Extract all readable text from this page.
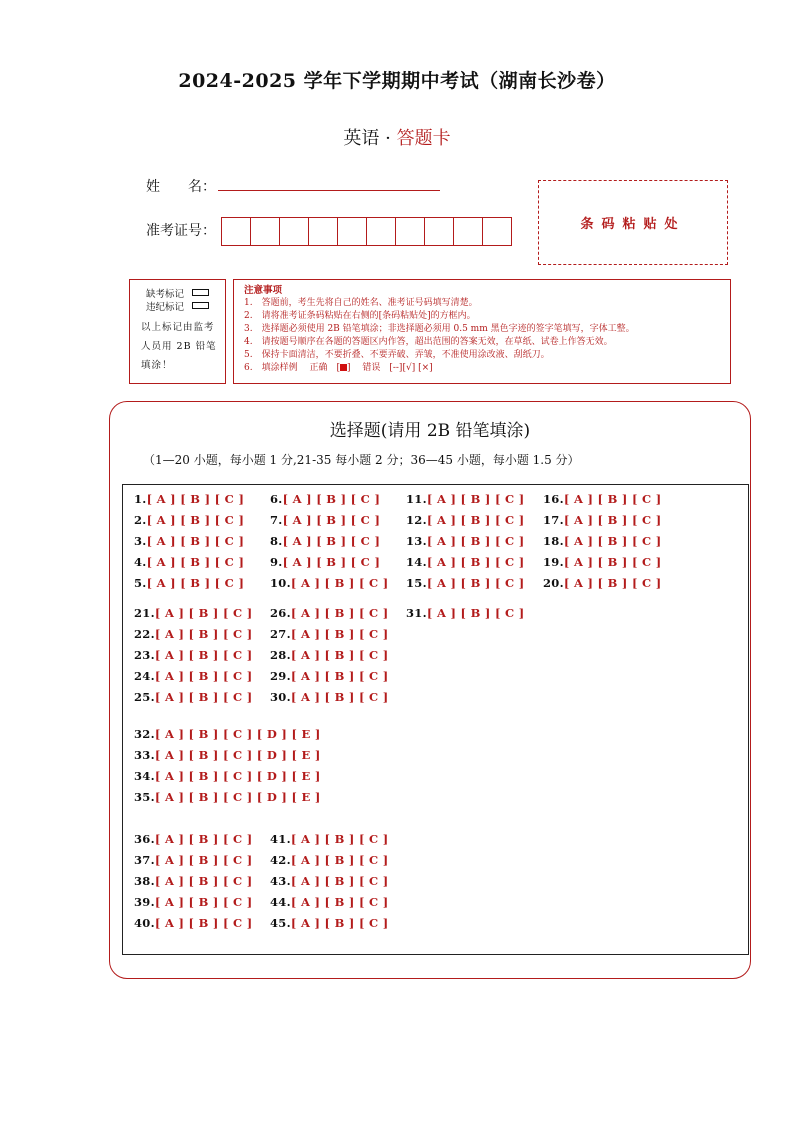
2024-2025 学年下学期期中考试（湖南长沙卷）
英语 · 答题卡
姓　　名：
准考证号：	条码粘贴处
缺考标记
违纪标记
以上标记由监考人员用 2B 铅笔填涂！
注意事项
1.　答题前，考生先将自己的姓名、准考证号码填写清楚。
2.　请将准考证条码粘贴在右侧的[条码粘贴处]的方框内。
3.　选择题必须使用 2B 铅笔填涂；非选择题必须用 0.5 mm 黑色字迹的签字笔填写，字体工整。
4.　请按题号顺序在各题的答题区内作答，超出范围的答案无效，在草纸、试卷上作答无效。
5.　保持卡面清洁，不要折叠、不要弄破、弄皱，不准使用涂改液、刮纸刀。
6.　填涂样例　 正确　[ ]　 错误　[--][√] [×]
选择题(请用 2B 铅笔填涂)
（1—20 小题，每小题 1 分,21-35 每小题 2 分；36—45 小题，每小题 1.5 分）
1.[ A ] [ B ] [ C ]
2.[ A ] [ B ] [ C ]
3.[ A ] [ B ] [ C ]
4.[ A ] [ B ] [ C ]
5.[ A ] [ B ] [ C ]
6.[ A ] [ B ] [ C ]
7.[ A ] [ B ] [ C ]
8.[ A ] [ B ] [ C ]
9.[ A ] [ B ] [ C ]
10.[ A ] [ B ] [ C ]
11.[ A ] [ B ] [ C ]
12.[ A ] [ B ] [ C ]
13.[ A ] [ B ] [ C ]
14.[ A ] [ B ] [ C ]
15.[ A ] [ B ] [ C ]
16.[ A ] [ B ] [ C ]
17.[ A ] [ B ] [ C ]
18.[ A ] [ B ] [ C ]
19.[ A ] [ B ] [ C ]
20.[ A ] [ B ] [ C ]
21.[ A ] [ B ] [ C ]
22.[ A ] [ B ] [ C ]
23.[ A ] [ B ] [ C ]
24.[ A ] [ B ] [ C ]
25.[ A ] [ B ] [ C ]
26.[ A ] [ B ] [ C ]
27.[ A ] [ B ] [ C ]
28.[ A ] [ B ] [ C ]
29.[ A ] [ B ] [ C ]
30.[ A ] [ B ] [ C ]
31.[ A ] [ B ] [ C ]
32.[ A ] [ B ] [ C ] [ D ] [ E ]
33.[ A ] [ B ] [ C ] [ D ] [ E ]
34.[ A ] [ B ] [ C ] [ D ] [ E ]
35.[ A ] [ B ] [ C ] [ D ] [ E ]
36.[ A ] [ B ] [ C ]
37.[ A ] [ B ] [ C ]
38.[ A ] [ B ] [ C ]
39.[ A ] [ B ] [ C ]
40.[ A ] [ B ] [ C ]
41.[ A ] [ B ] [ C ]
42.[ A ] [ B ] [ C ]
43.[ A ] [ B ] [ C ]
44.[ A ] [ B ] [ C ]
45.[ A ] [ B ] [ C ]
